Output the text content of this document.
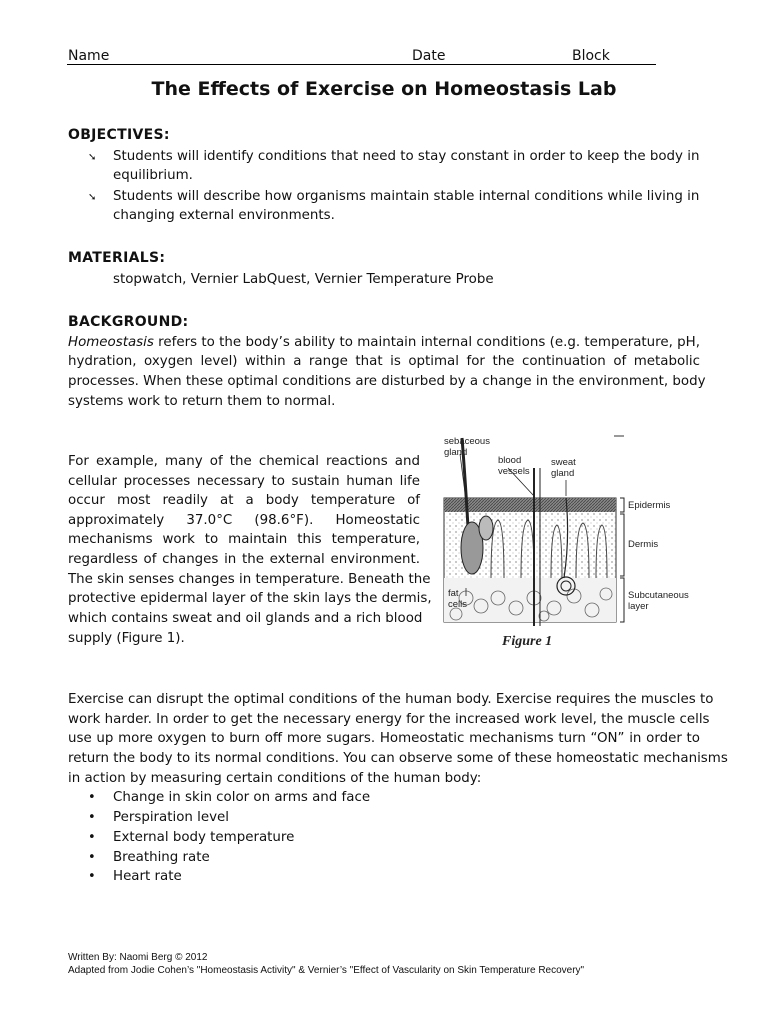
Name	Date	Block
The Effects of Exercise on Homeostasis Lab
OBJECTIVES:
➘ Students will identify conditions that need to stay constant in order to keep the body in
equilibrium.
➘ Students will describe how organisms maintain stable internal conditions while living in
changing external environments.
MATERIALS:
stopwatch, Vernier LabQuest, Vernier Temperature Probe
BACKGROUND:
Homeostasis refers to the body’s ability to maintain internal conditions (e.g. temperature, pH,
hydration, oxygen level) within a range that is optimal for the continuation of metabolic
processes. When these optimal conditions are disturbed by a change in the environment, body
systems work to return them to normal.
For example, many of the chemical reactions and
cellular processes necessary to sustain human life
occur most readily at a body temperature of
approximately 37.0°C (98.6°F). Homeostatic
mechanisms work to maintain this temperature,
regardless of changes in the external environment.
The skin senses changes in temperature. Beneath the
protective epidermal layer of the skin lays the dermis,
which contains sweat and oil glands and a rich blood
supply (Figure 1).
sebaceous
gland
blood
vessels
sweat
gland
Epidermis
Dermis
Subcutaneous
layer
fat
cells
Figure 1
Exercise can disrupt the optimal conditions of the human body. Exercise requires the muscles to
work harder. In order to get the necessary energy for the increased work level, the muscle cells
use up more oxygen to burn off more sugars. Homeostatic mechanisms turn “ON” in order to
return the body to its normal conditions. You can observe some of these homeostatic mechanisms
in action by measuring certain conditions of the human body:
• Change in skin color on arms and face
• Perspiration level
• External body temperature
• Breathing rate
• Heart rate
Written By: Naomi Berg © 2012
Adapted from Jodie Cohen’s "Homeostasis Activity" & Vernier’s "Effect of Vascularity on Skin Temperature Recovery"
